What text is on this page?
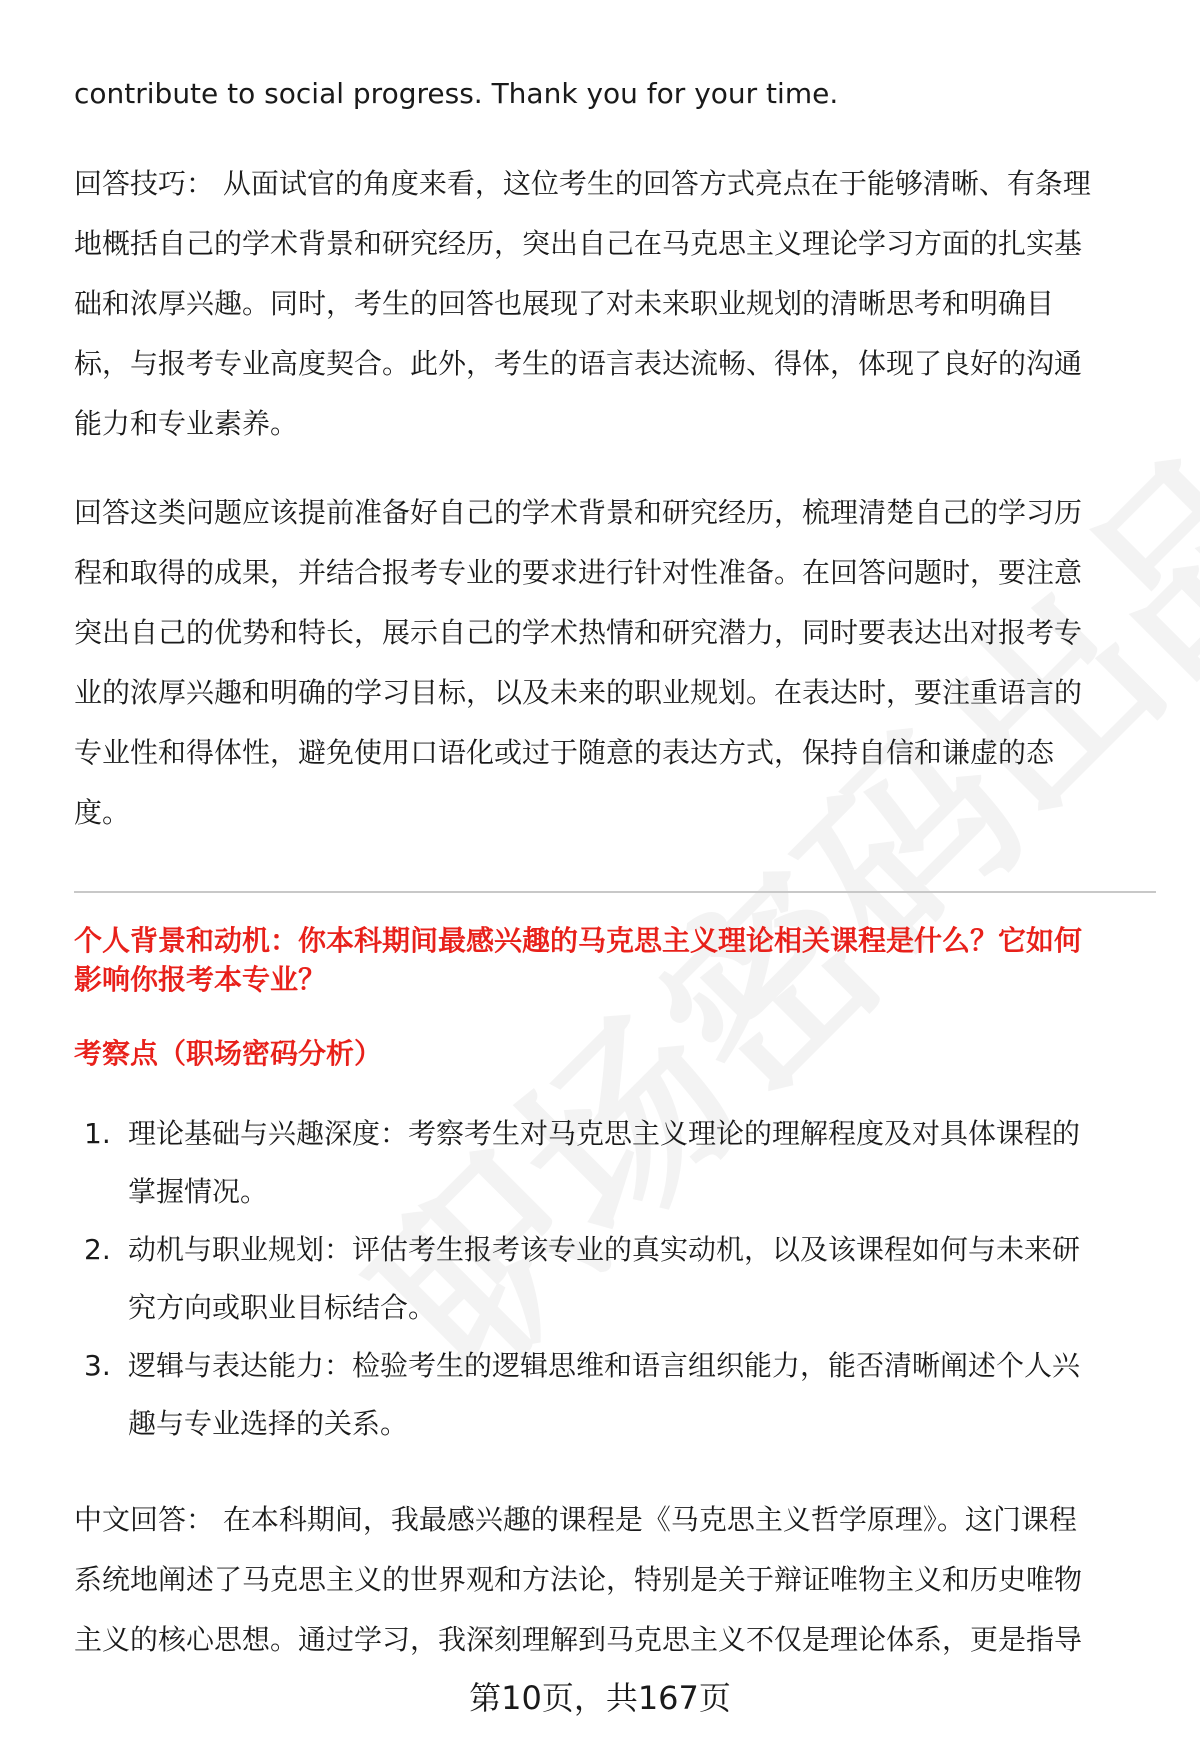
contribute to social progress. Thank you for your time.

回答技巧： 从面试官的角度来看，这位考生的回答方式亮点在于能够清晰、有条理

地概括自己的学术背景和研究经历，突出自己在马克思主义理论学习方面的扎实基

础和浓厚兴趣。同时，考生的回答也展现了对未来职业规划的清晰思考和明确目

标，与报考专业高度契合。此外，考生的语言表达流畅、得体，体现了良好的沟通

能力和专业素养。

回答这类问题应该提前准备好自己的学术背景和研究经历，梳理清楚自己的学习历

程和取得的成果，并结合报考专业的要求进行针对性准备。在回答问题时，要注意

突出自己的优势和特长，展示自己的学术热情和研究潜力，同时要表达出对报考专

业的浓厚兴趣和明确的学习目标，以及未来的职业规划。在表达时，要注重语言的

专业性和得体性，避免使用口语化或过于随意的表达方式，保持自信和谦虚的态

度。

个人背景和动机：你本科期间最感兴趣的马克思主义理论相关课程是什么？它如何

影响你报考本专业？

考察点（职场密码分析）

1. 理论基础与兴趣深度：考察考生对马克思主义理论的理解程度及对具体课程的
掌握情况。
2. 动机与职业规划：评估考生报考该专业的真实动机，以及该课程如何与未来研
究方向或职业目标结合。
3. 逻辑与表达能力：检验考生的逻辑思维和语言组织能力，能否清晰阐述个人兴
趣与专业选择的关系。

中文回答： 在本科期间，我最感兴趣的课程是《马克思主义哲学原理》。这门课程

系统地阐述了马克思主义的世界观和方法论，特别是关于辩证唯物主义和历史唯物

主义的核心思想。通过学习，我深刻理解到马克思主义不仅是理论体系，更是指导

第10页，共167页
